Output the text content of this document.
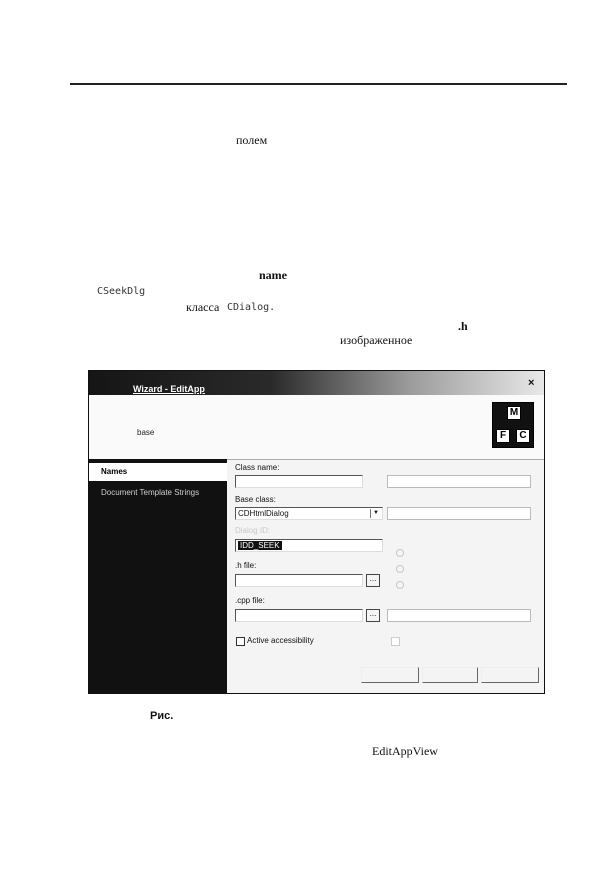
полем
name
CSeekDlg
класса CDialog.
.h
изображенное
Wizard - EditApp	×
base
M
F	C
Names
Document Template Strings
Class name:
Base class:
CDHtmlDialog	▼
Dialog ID:
IDD_SEEK
.h file:
...
.cpp file:
...
Active accessibility
Рис.
EditAppView
